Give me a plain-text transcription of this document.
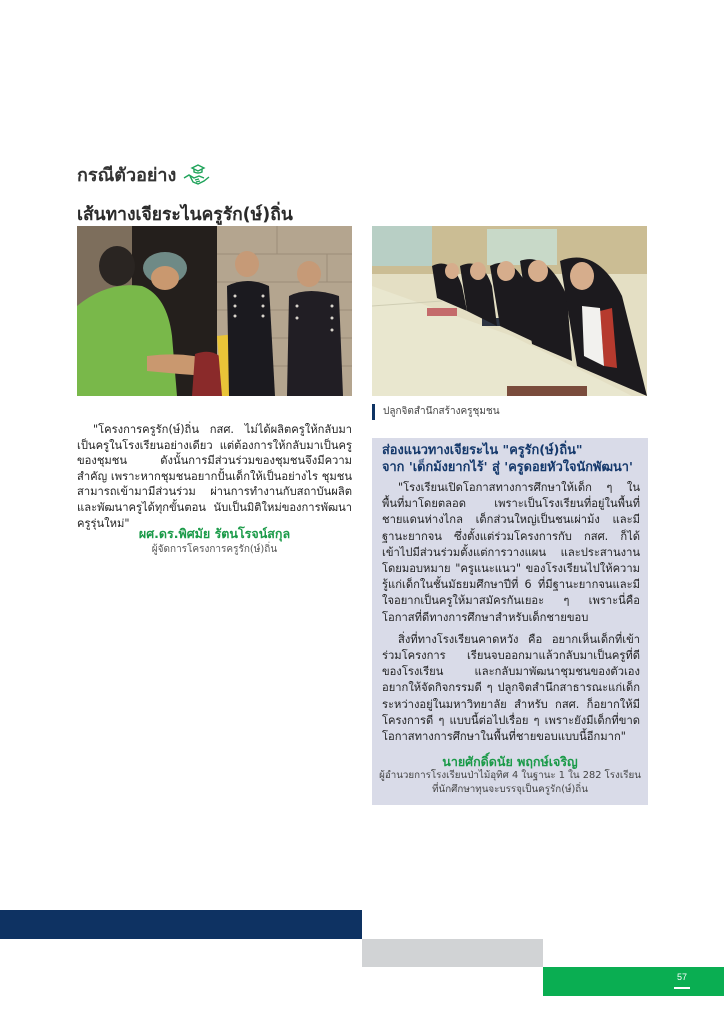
กรณีตัวอย่าง
เส้นทางเจียระไนครูรัก(ษ์)ถิ่น
ปลูกจิตสำนึกสร้างครูชุมชน
"โครงการครูรัก(ษ์)ถิ่น กสศ. ไม่ได้ผลิตครูให้กลับมาเป็นครูในโรงเรียนอย่างเดียว แต่ต้องการให้กลับมาเป็นครูของชุมชน ดังนั้นการมีส่วนร่วมของชุมชนจึงมีความสำคัญ เพราะหากชุมชนอยากปั้นเด็กให้เป็นอย่างไร ชุมชนสามารถเข้ามามีส่วนร่วม ผ่านการทำงานกับสถาบันผลิตและพัฒนาครูได้ทุกขั้นตอน นับเป็นมิติใหม่ของการพัฒนาครูรุ่นใหม่"
ผศ.ดร.พิศมัย รัตนโรจน์สกุล
ผู้จัดการโครงการครูรัก(ษ์)ถิ่น
ส่องแนวทางเจียระไน "ครูรัก(ษ์)ถิ่น"
จาก 'เด็กม้งยากไร้' สู่ 'ครูดอยหัวใจนักพัฒนา'

"โรงเรียนเปิดโอกาสทางการศึกษาให้เด็ก ๆ ในพื้นที่มาโดยตลอด เพราะเป็นโรงเรียนที่อยู่ในพื้นที่ชายแดนห่างไกล เด็กส่วนใหญ่เป็นชนเผ่าม้ง และมีฐานะยากจน ซึ่งตั้งแต่ร่วมโครงการกับ กสศ. ก็ได้เข้าไปมีส่วนร่วมตั้งแต่การวางแผน และประสานงานโดยมอบหมาย "ครูแนะแนว" ของโรงเรียนไปให้ความรู้แก่เด็กในชั้นมัธยมศึกษาปีที่ 6 ที่มีฐานะยากจนและมีใจอยากเป็นครูให้มาสมัครกันเยอะ ๆ เพราะนี่คือโอกาสที่ดีทางการศึกษาสำหรับเด็กชายขอบ

สิ่งที่ทางโรงเรียนคาดหวัง คือ อยากเห็นเด็กที่เข้าร่วมโครงการ เรียนจบออกมาแล้วกลับมาเป็นครูที่ดีของโรงเรียน และกลับมาพัฒนาชุมชนของตัวเอง อยากให้จัดกิจกรรมดี ๆ ปลูกจิตสำนึกสาธารณะแก่เด็กระหว่างอยู่ในมหาวิทยาลัย สำหรับ กสศ. ก็อยากให้มีโครงการดี ๆ แบบนี้ต่อไปเรื่อย ๆ เพราะยังมีเด็กที่ขาดโอกาสทางการศึกษาในพื้นที่ชายขอบแบบนี้อีกมาก"

นายศักดิ์ดนัย พฤกษ์เจริญ
ผู้อำนวยการโรงเรียนป่าไม้อุทิศ 4 ในฐานะ 1 ใน 282 โรงเรียน
ที่นักศึกษาทุนจะบรรจุเป็นครูรัก(ษ์)ถิ่น
57
